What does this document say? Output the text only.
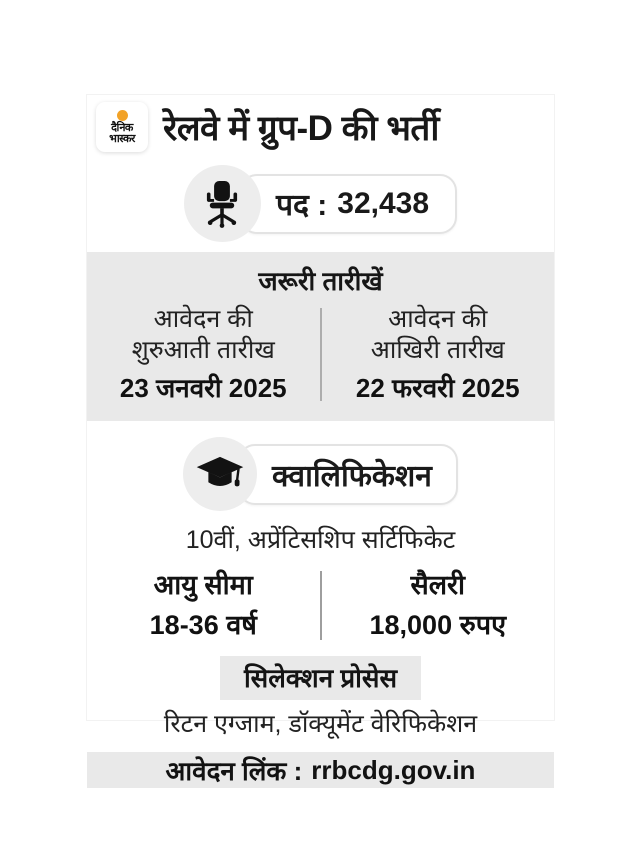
दैनिक
भास्कर रेलवे में ग्रुप-D की भर्ती
पद : 32,438
जरूरी तारीखें
आवेदन की
शुरुआती तारीख
23 जनवरी 2025
आवेदन की
आखिरी तारीख
22 फरवरी 2025
क्वालिफिकेशन

10वीं, अप्रेंटिसशिप सर्टिफिकेट

आयु सीमा
18-36 वर्ष
सैलरी
18,000 रुपए
सिलेक्शन प्रोसेस

रिटन एग्जाम, डॉक्यूमेंट वेरिफिकेशन

आवेदन लिंक : rrbcdg.gov.in
